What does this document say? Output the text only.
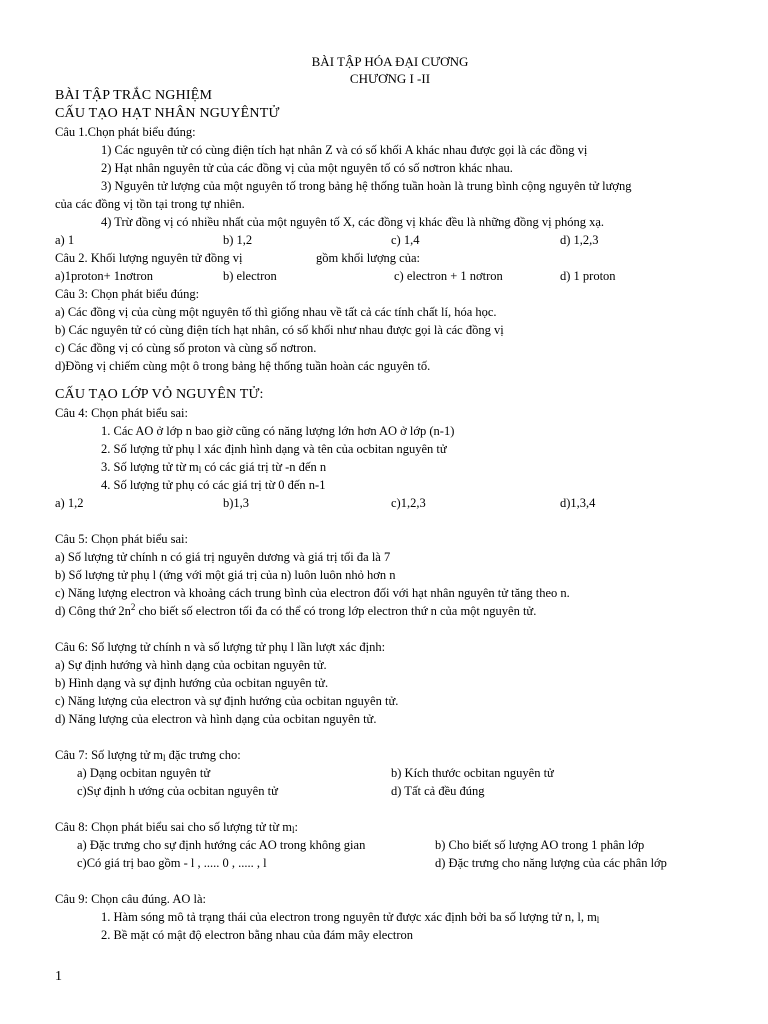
BÀI TẬP HÓA ĐẠI CƯƠNG
CHƯƠNG I -II
BÀI TẬP TRẮC NGHIỆM
CẤU TẠO HẠT NHÂN NGUYÊNTỬ
Câu 1.Chọn phát biểu đúng:
1) Các nguyên tử có cùng điện tích hạt nhân Z và có số khối A khác nhau được gọi là các đồng vị
2) Hạt nhân nguyên tử của các đồng vị của một nguyên tố có số nơtron khác nhau.
3) Nguyên tử lượng của một nguyên tố trong bảng hệ thống tuần hoàn là trung bình cộng nguyên tử lượng
của các đồng vị tồn tại trong tự nhiên.
4) Trừ đồng vị có nhiều nhất của một nguyên tố X, các đồng vị khác đều là những đồng vị phóng xạ.
a) 1	b) 1,2	c) 1,4	d) 1,2,3
Câu 2. Khối lượng nguyên tử đồng vị	gồm khối lượng của:
a)1proton+ 1nơtron	b) electron	c) electron + 1 nơtron	d) 1 proton
Câu 3: Chọn phát biểu đúng:
a) Các đồng vị của cùng một nguyên tố thì giống nhau về tất cả các tính chất lí, hóa học.
b) Các nguyên tử có cùng điện tích hạt nhân, có số khối như nhau được gọi là các đồng vị
c) Các đồng vị có cùng số proton và cùng số nơtron.
d)Đồng vị chiếm cùng một ô trong bảng hệ thống tuần hoàn các nguyên tố.
CẤU TẠO LỚP VỎ NGUYÊN TỬ:
Câu 4: Chọn phát biểu sai:
1. Các AO ở lớp n bao giờ cũng có năng lượng lớn hơn AO ở lớp (n-1)
2. Số lượng tử phụ l xác định hình dạng và tên của ocbitan nguyên tử
3. Số lượng tử từ $m_l$ có các giá trị từ -n đến n
4. Số lượng tử phụ có các giá trị từ 0 đến n-1
a) 1,2	b)1,3	c)1,2,3	d)1,3,4
Câu 5: Chọn phát biểu sai:
a) Số lượng tử chính n có giá trị nguyên dương và giá trị tối đa là 7
b) Số lượng tử phụ l (ứng với một giá trị của n) luôn luôn nhỏ hơn n
c) Năng lượng electron và khoảng cách trung bình của electron đối với hạt nhân nguyên tử tăng theo n.
d) Công thứ $2n^2$ cho biết số electron tối đa có thể có trong lớp electron thứ n của một nguyên tử.
Câu 6: Số lượng tử chính n và số lượng tử phụ l lần lượt xác định:
a) Sự định hướng và hình dạng của ocbitan nguyên tử.
b) Hình dạng và sự định hướng của ocbitan nguyên tử.
c) Năng lượng của electron và sự định hướng của ocbitan nguyên tử.
d) Năng lượng của electron và hình dạng của ocbitan nguyên tử.
Câu 7: Số lượng tử $m_l$ đặc trưng cho:
a) Dạng ocbitan nguyên tử	b) Kích thước ocbitan nguyên tử
c)Sự định h ướng của ocbitan nguyên tử	d) Tất cả đều đúng
Câu 8: Chọn phát biểu sai cho số lượng tử từ $m_l$:
a) Đặc trưng cho sự định hướng các AO trong không gian	b) Cho biết số lượng AO trong 1 phân lớp
c)Có giá trị bao gồm - l , ..... 0 , ..... , l	d) Đặc trưng cho năng lượng của các phân lớp
Câu 9: Chọn câu đúng. AO là:
1. Hàm sóng mô tả trạng thái của electron trong nguyên tử được xác định bởi ba số lượng tử n, l, $m_l$
2. Bề mặt có mật độ electron bằng nhau của đám mây electron
1
